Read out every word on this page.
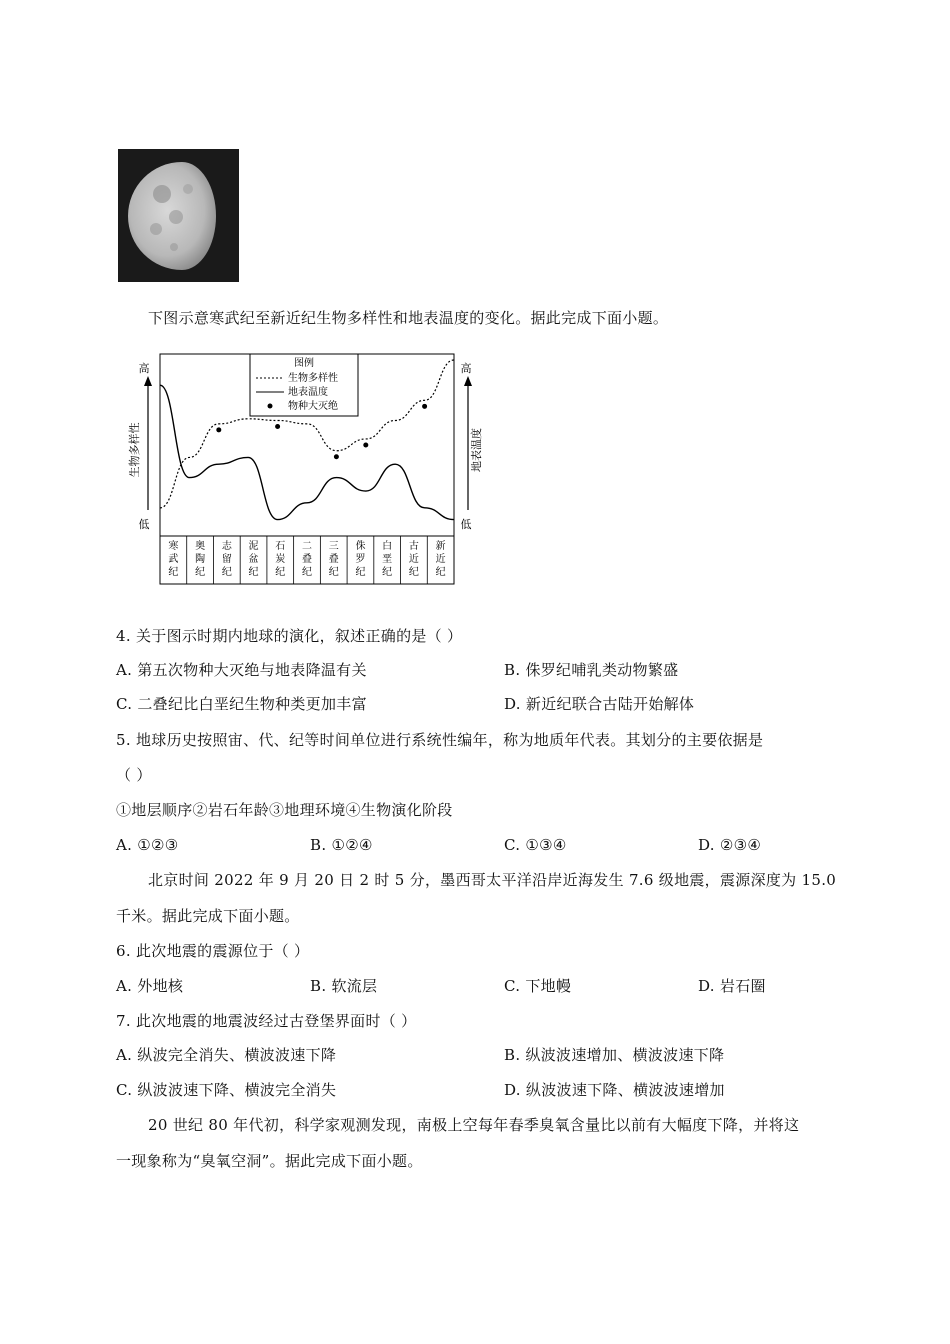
下图示意寒武纪至新近纪生物多样性和地表温度的变化。据此完成下面小题。
高
低
高
低
生物多样性	地表温度
寒
武
纪
奥
陶
纪
志
留
纪
泥
盆
纪
石
炭
纪
二
叠
纪
三
叠
纪
侏
罗
纪
白
垩
纪
古
近
纪
新
近
纪
图例
生物多样性
地表温度
物种大灭绝
4. 关于图示时期内地球的演化，叙述正确的是（ ）
A. 第五次物种大灭绝与地表降温有关	B. 侏罗纪哺乳类动物繁盛
C. 二叠纪比白垩纪生物种类更加丰富	D. 新近纪联合古陆开始解体
5. 地球历史按照宙、代、纪等时间单位进行系统性编年，称为地质年代表。其划分的主要依据是
（ ）
①地层顺序②岩石年龄③地理环境④生物演化阶段
A. ①②③	B. ①②④	C. ①③④	D. ②③④
北京时间 2022 年 9 月 20 日 2 时 5 分，墨西哥太平洋沿岸近海发生 7.6 级地震，震源深度为 15.0
千米。据此完成下面小题。
6. 此次地震的震源位于（ ）
A. 外地核	B. 软流层	C. 下地幔	D. 岩石圈
7. 此次地震的地震波经过古登堡界面时（ ）
A. 纵波完全消失、横波波速下降	B. 纵波波速增加、横波波速下降
C. 纵波波速下降、横波完全消失	D. 纵波波速下降、横波波速增加
20 世纪 80 年代初，科学家观测发现，南极上空每年春季臭氧含量比以前有大幅度下降，并将这
一现象称为“臭氧空洞”。据此完成下面小题。
